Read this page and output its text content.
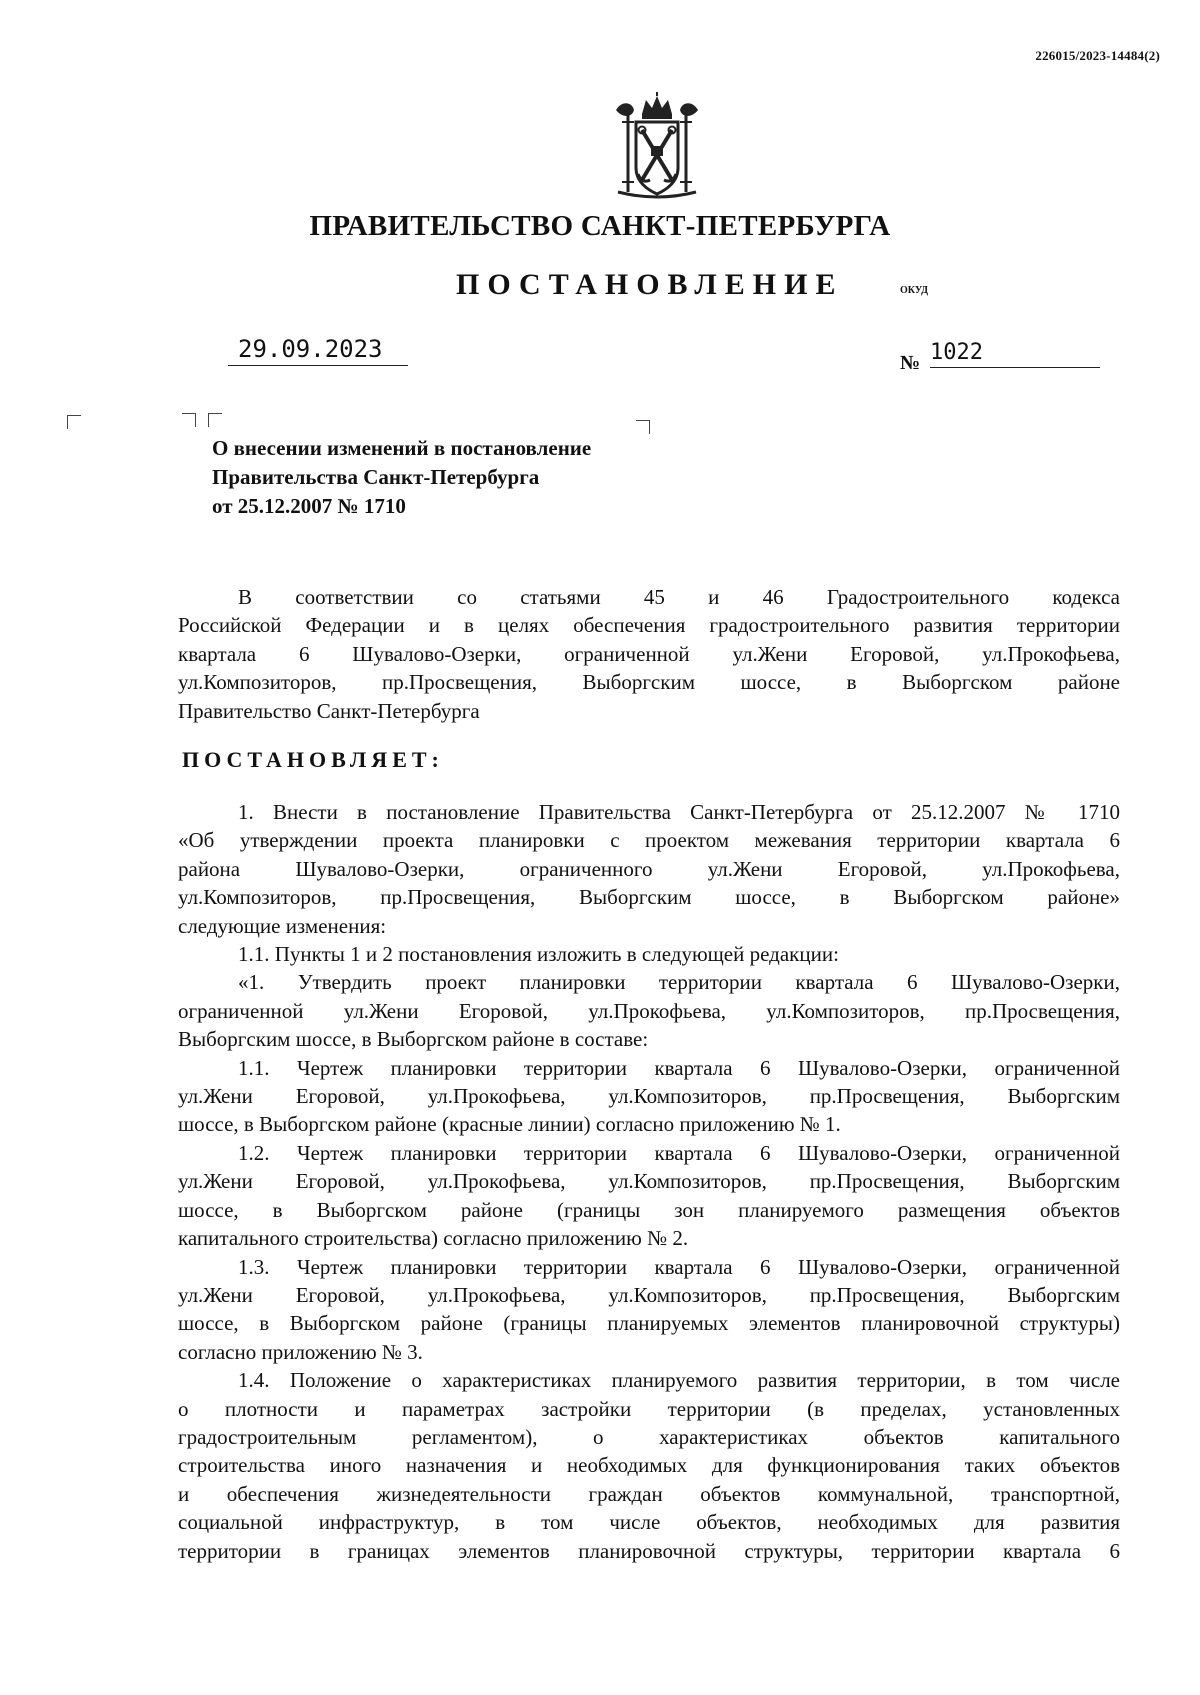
226015/2023-14484(2)
ПРАВИТЕЛЬСТВО САНКТ-ПЕТЕРБУРГА
ПОСТАНОВЛЕНИЕ	ОКУД
29.09.2023	№ 1022
О внесении изменений в постановление
Правительства Санкт-Петербурга
от 25.12.2007 № 1710

В соответствии со статьями 45 и 46 Градостроительного кодекса

Российской Федерации и в целях обеспечения градостроительного развития территории

квартала 6 Шувалово-Озерки, ограниченной ул.Жени Егоровой, ул.Прокофьева,

ул.Композиторов, пр.Просвещения, Выборгским шоссе, в Выборгском районе

Правительство Санкт-Петербурга

ПОСТАНОВЛЯЕТ:

1. Внести в постановление Правительства Санкт-Петербурга от 25.12.2007 № 1710

«Об утверждении проекта планировки с проектом межевания территории квартала 6

района Шувалово-Озерки, ограниченного ул.Жени Егоровой, ул.Прокофьева,

ул.Композиторов, пр.Просвещения, Выборгским шоссе, в Выборгском районе»

следующие изменения:

1.1. Пункты 1 и 2 постановления изложить в следующей редакции:

«1. Утвердить проект планировки территории квартала 6 Шувалово-Озерки,

ограниченной ул.Жени Егоровой, ул.Прокофьева, ул.Композиторов, пр.Просвещения,

Выборгским шоссе, в Выборгском районе в составе:

1.1. Чертеж планировки территории квартала 6 Шувалово-Озерки, ограниченной

ул.Жени Егоровой, ул.Прокофьева, ул.Композиторов, пр.Просвещения, Выборгским

шоссе, в Выборгском районе (красные линии) согласно приложению № 1.

1.2. Чертеж планировки территории квартала 6 Шувалово-Озерки, ограниченной

ул.Жени Егоровой, ул.Прокофьева, ул.Композиторов, пр.Просвещения, Выборгским

шоссе, в Выборгском районе (границы зон планируемого размещения объектов

капитального строительства) согласно приложению № 2.

1.3. Чертеж планировки территории квартала 6 Шувалово-Озерки, ограниченной

ул.Жени Егоровой, ул.Прокофьева, ул.Композиторов, пр.Просвещения, Выборгским

шоссе, в Выборгском районе (границы планируемых элементов планировочной структуры)

согласно приложению № 3.

1.4. Положение о характеристиках планируемого развития территории, в том числе

о плотности и параметрах застройки территории (в пределах, установленных

градостроительным регламентом), о характеристиках объектов капитального

строительства иного назначения и необходимых для функционирования таких объектов

и обеспечения жизнедеятельности граждан объектов коммунальной, транспортной,

социальной инфраструктур, в том числе объектов, необходимых для развития

территории в границах элементов планировочной структуры, территории квартала 6
